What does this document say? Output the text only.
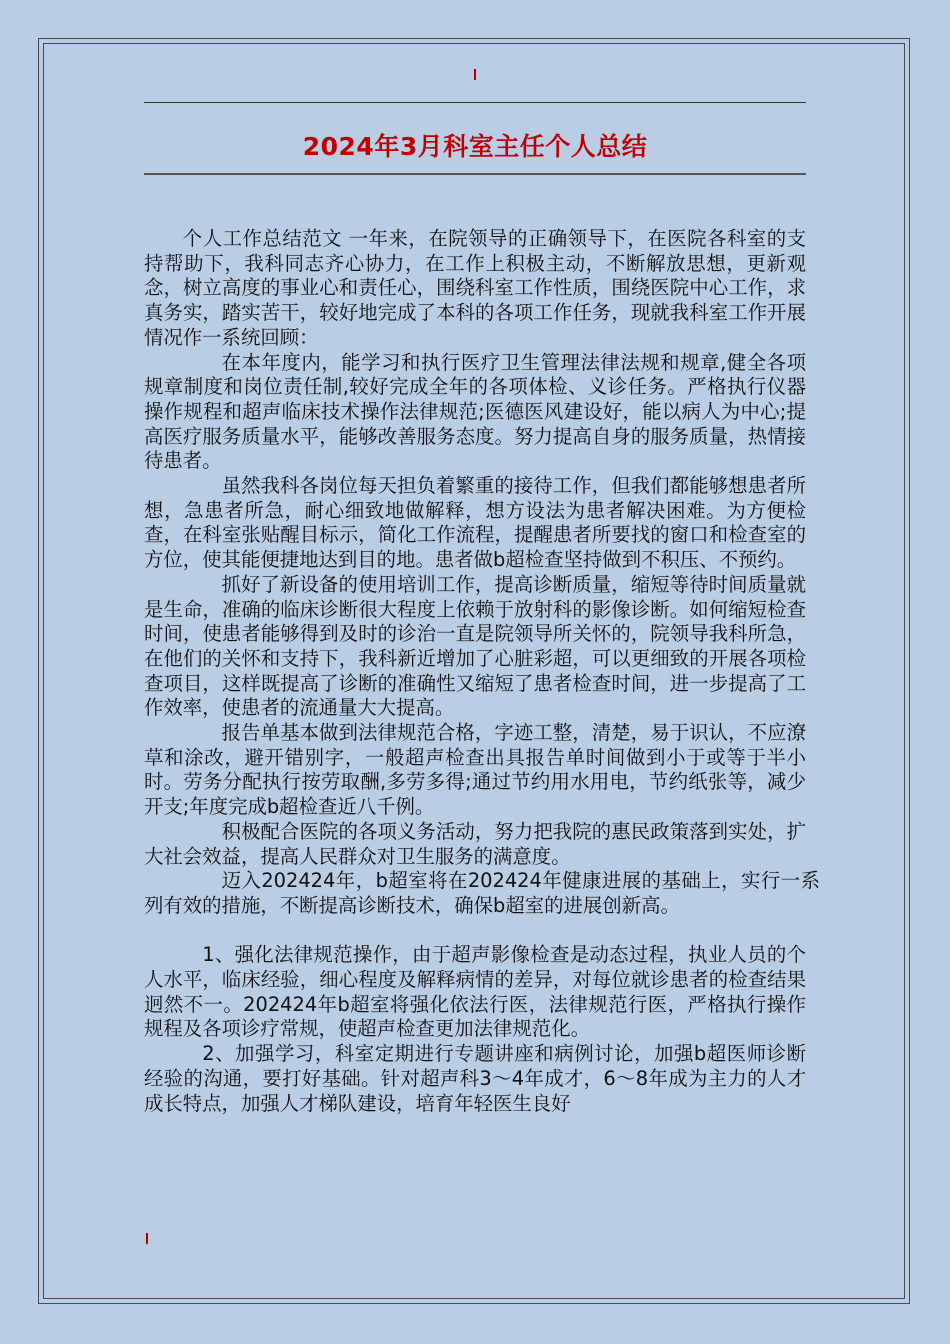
2024年3月科室主任个人总结

个人工作总结范文 一年来，在院领导的正确领导下，在医院各科室的支持帮助下，我科同志齐心协力，在工作上积极主动，不断解放思想，更新观念，树立高度的事业心和责任心，围绕科室工作性质，围绕医院中心工作，求真务实，踏实苦干，较好地完成了本科的各项工作任务，现就我科室工作开展情况作一系统回顾：

在本年度内，能学习和执行医疗卫生管理法律法规和规章,健全各项规章制度和岗位责任制,较好完成全年的各项体检、义诊任务。严格执行仪器操作规程和超声临床技术操作法律规范;医德医风建设好，能以病人为中心;提高医疗服务质量水平，能够改善服务态度。努力提高自身的服务质量，热情接待患者。

虽然我科各岗位每天担负着繁重的接待工作，但我们都能够想患者所想，急患者所急，耐心细致地做解释，想方设法为患者解决困难。为方便检查，在科室张贴醒目标示，简化工作流程，提醒患者所要找的窗口和检查室的方位，使其能便捷地达到目的地。患者做b超检查坚持做到不积压、不预约。

抓好了新设备的使用培训工作，提高诊断质量，缩短等待时间质量就是生命，准确的临床诊断很大程度上依赖于放射科的影像诊断。如何缩短检查时间，使患者能够得到及时的诊治一直是院领导所关怀的，院领导我科所急，在他们的关怀和支持下，我科新近增加了心脏彩超，可以更细致的开展各项检查项目，这样既提高了诊断的准确性又缩短了患者检查时间，进一步提高了工作效率，使患者的流通量大大提高。

报告单基本做到法律规范合格，字迹工整，清楚，易于识认，不应潦草和涂改，避开错别字，一般超声检查出具报告单时间做到小于或等于半小时。劳务分配执行按劳取酬,多劳多得;通过节约用水用电，节约纸张等，减少开支;年度完成b超检查近八千例。

积极配合医院的各项义务活动，努力把我院的惠民政策落到实处，扩大社会效益，提高人民群众对卫生服务的满意度。

迈入202424年，b超室将在202424年健康进展的基础上，实行一系列有效的措施，不断提高诊断技术，确保b超室的进展创新高。

1、强化法律规范操作，由于超声影像检查是动态过程，执业人员的个人水平，临床经验，细心程度及解释病情的差异，对每位就诊患者的检查结果迥然不一。202424年b超室将强化依法行医，法律规范行医，严格执行操作规程及各项诊疗常规，使超声检查更加法律规范化。

2、加强学习，科室定期进行专题讲座和病例讨论，加强b超医师诊断经验的沟通，要打好基础。针对超声科3～4年成才，6～8年成为主力的人才成长特点，加强人才梯队建设，培育年轻医生良好
